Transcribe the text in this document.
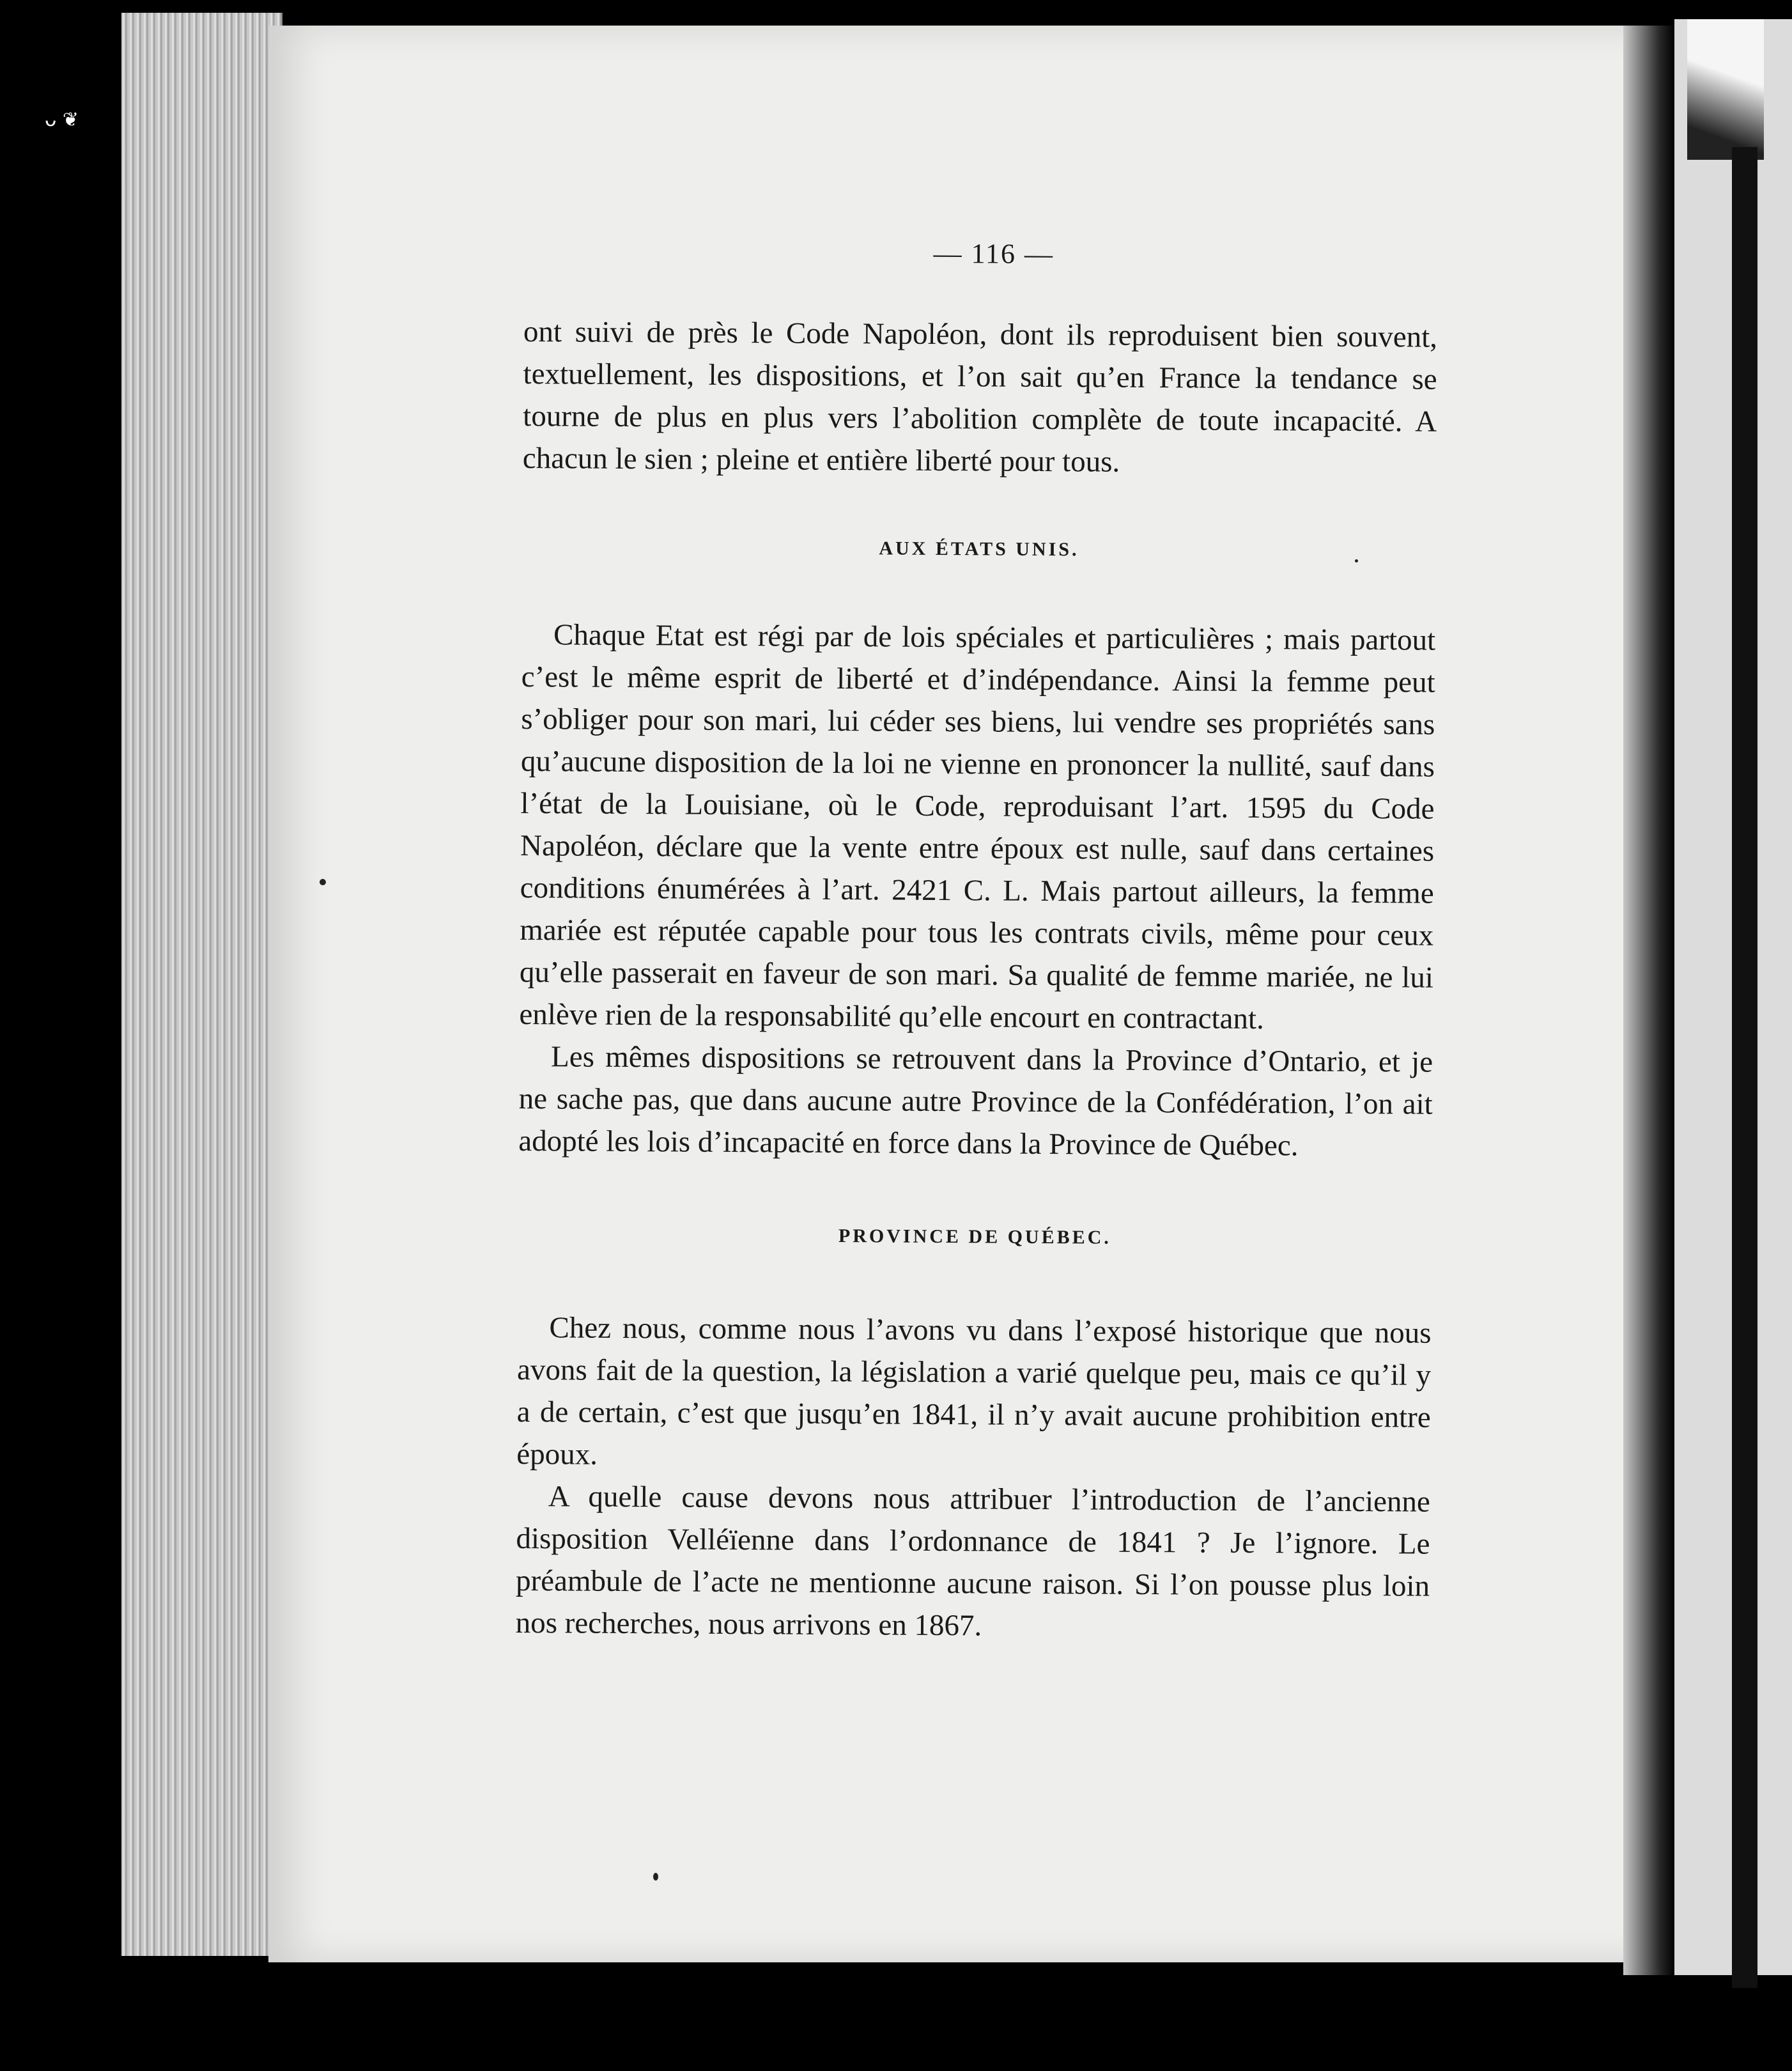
ᴗ ❦
— 116 —

ont suivi de près le Code Napoléon, dont ils reproduisent bien souvent, textuellement, les dispositions, et l’on sait qu’en France la tendance se tourne de plus en plus vers l’abolition complète de toute incapacité. A chacun le sien ; pleine et entière liberté pour tous.

AUX ÉTATS UNIS.

Chaque Etat est régi par de lois spéciales et particulières ; mais partout c’est le même esprit de liberté et d’indépendance. Ainsi la femme peut s’obliger pour son mari, lui céder ses biens, lui vendre ses propriétés sans qu’aucune disposition de la loi ne vienne en prononcer la nullité, sauf dans l’état de la Louisiane, où le Code, reproduisant l’art. 1595 du Code Napoléon, déclare que la vente entre époux est nulle, sauf dans certaines conditions énumérées à l’art. 2421 C. L. Mais partout ailleurs, la femme mariée est réputée capable pour tous les contrats civils, même pour ceux qu’elle passerait en faveur de son mari. Sa qualité de femme mariée, ne lui enlève rien de la responsabilité qu’elle encourt en contractant.

Les mêmes dispositions se retrouvent dans la Province d’Ontario, et je ne sache pas, que dans aucune autre Province de la Confédération, l’on ait adopté les lois d’incapacité en force dans la Province de Québec.

PROVINCE DE QUÉBEC.

Chez nous, comme nous l’avons vu dans l’exposé historique que nous avons fait de la question, la législation a varié quelque peu, mais ce qu’il y a de certain, c’est que jusqu’en 1841, il n’y avait aucune prohibition entre époux.

A quelle cause devons nous attribuer l’introduction de l’ancienne disposition Velléïenne dans l’ordonnance de 1841 ? Je l’ignore. Le préambule de l’acte ne mentionne aucune raison. Si l’on pousse plus loin nos recherches, nous arrivons en 1867.
